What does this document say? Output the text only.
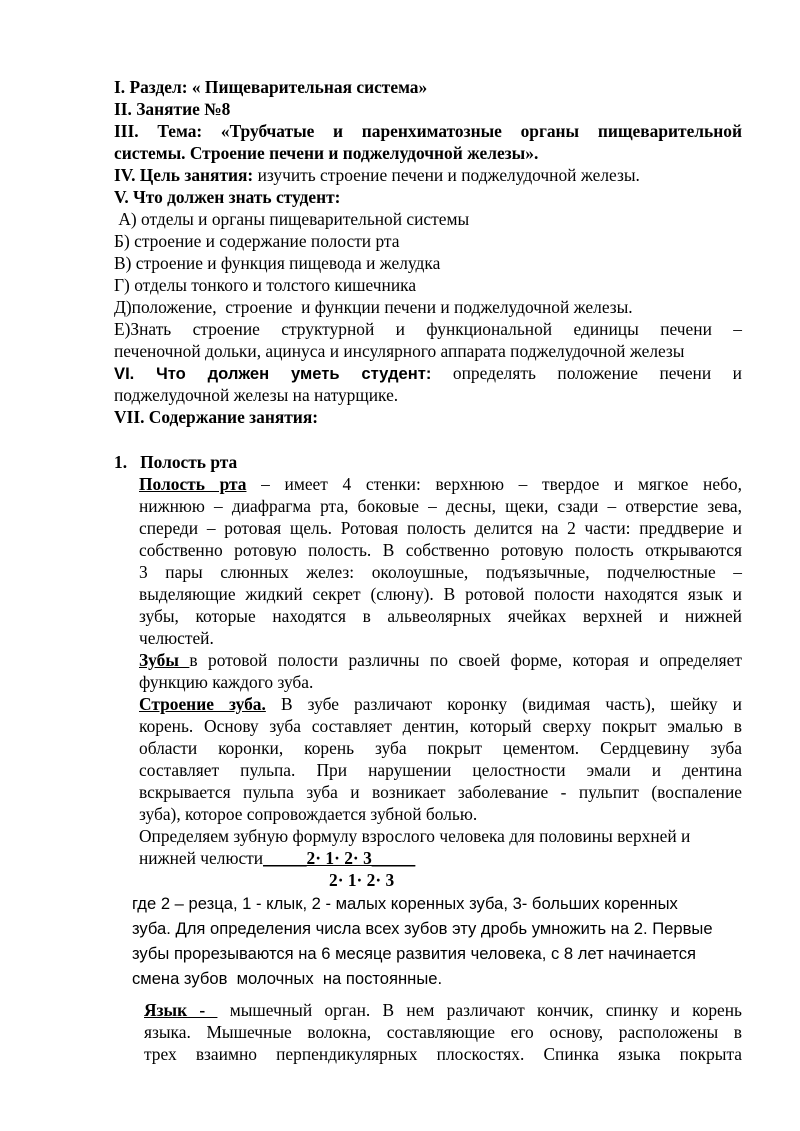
I. Раздел: « Пищеварительная система»
II. Занятие №8
III. Тема: «Трубчатые и паренхиматозные органы пищеварительной
системы. Строение печени и поджелудочной железы».
IV. Цель занятия: изучить строение печени и поджелудочной железы.
V. Что должен знать студент:
А) отделы и органы пищеварительной системы
Б) строение и содержание полости рта
В) строение и функция пищевода и желудка
Г) отделы тонкого и толстого кишечника
Д)положение,  строение  и функции печени и поджелудочной железы.
Е)Знать строение структурной и функциональной единицы печени –
печеночной дольки, ацинуса и инсулярного аппарата поджелудочной железы
VI. Что должен уметь студент: определять положение печени и
поджелудочной железы на натурщике.
VII. Содержание занятия:
1. Полость рта
Полость рта – имеет 4 стенки: верхнюю – твердое и мягкое небо,
нижнюю – диафрагма рта, боковые – десны, щеки, сзади – отверстие зева,
спереди – ротовая щель. Ротовая полость делится на 2 части: преддверие и
собственно ротовую полость. В собственно ротовую полость открываются
3 пары слюнных желез: околоушные, подъязычные, подчелюстные –
выделяющие жидкий секрет (слюну). В ротовой полости находятся язык и
зубы, которые находятся в альвеолярных ячейках верхней и нижней
челюстей.
Зубы в ротовой полости различны по своей форме, которая и определяет
функцию каждого зуба.
Строение зуба. В зубе различают коронку (видимая часть), шейку и
корень. Основу зуба составляет дентин, который сверху покрыт эмалью в
области коронки, корень зуба покрыт цементом. Сердцевину зуба
составляет пульпа. При нарушении целостности эмали и дентина
вскрывается пульпа зуба и возникает заболевание - пульпит (воспаление
зуба), которое сопровождается зубной болью.
Определяем зубную формулу взрослого человека для половины верхней и
нижней челюсти_____2· 1· 2· 3_____
2· 1· 2· 3
где 2 – резца, 1 - клык, 2 - малых коренных зуба, 3- больших коренных
зуба. Для определения числа всех зубов эту дробь умножить на 2. Первые
зубы прорезываются на 6 месяце развития человека, с 8 лет начинается
смена зубов  молочных  на постоянные.
Язык -  мышечный орган. В нем различают кончик, спинку и корень
языка. Мышечные волокна, составляющие его основу, расположены в
трех взаимно перпендикулярных плоскостях. Спинка языка покрыта
